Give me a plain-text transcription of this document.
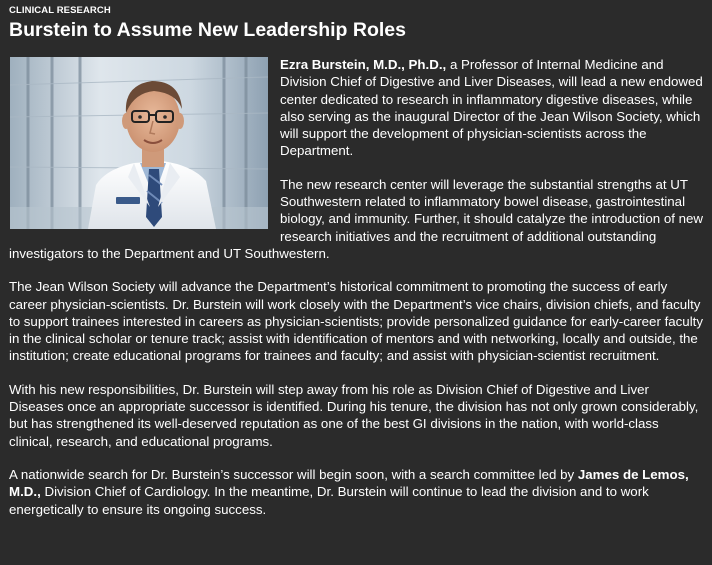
CLINICAL RESEARCH
Burstein to Assume New Leadership Roles

Ezra Burstein, M.D., Ph.D., a Professor of Internal Medicine and Division Chief of Digestive and Liver Diseases, will lead a new endowed center dedicated to research in inflammatory digestive diseases, while also serving as the inaugural Director of the Jean Wilson Society, which will support the development of physician-scientists across the Department.

The new research center will leverage the substantial strengths at UT Southwestern related to inflammatory bowel disease, gastrointestinal biology, and immunity. Further, it should catalyze the introduction of new research initiatives and the recruitment of additional outstanding investigators to the Department and UT Southwestern.

The Jean Wilson Society will advance the Department’s historical commitment to promoting the success of early career physician-scientists. Dr. Burstein will work closely with the Department’s vice chairs, division chiefs, and faculty to support trainees interested in careers as physician-scientists; provide personalized guidance for early-career faculty in the clinical scholar or tenure track; assist with identification of mentors and with networking, locally and outside, the institution; create educational programs for trainees and faculty; and assist with physician-scientist recruitment.

With his new responsibilities, Dr. Burstein will step away from his role as Division Chief of Digestive and Liver Diseases once an appropriate successor is identified. During his tenure, the division has not only grown considerably, but has strengthened its well-deserved reputation as one of the best GI divisions in the nation, with world-class clinical, research, and educational programs.

A nationwide search for Dr. Burstein’s successor will begin soon, with a search committee led by James de Lemos, M.D., Division Chief of Cardiology. In the meantime, Dr. Burstein will continue to lead the division and to work energetically to ensure its ongoing success.
